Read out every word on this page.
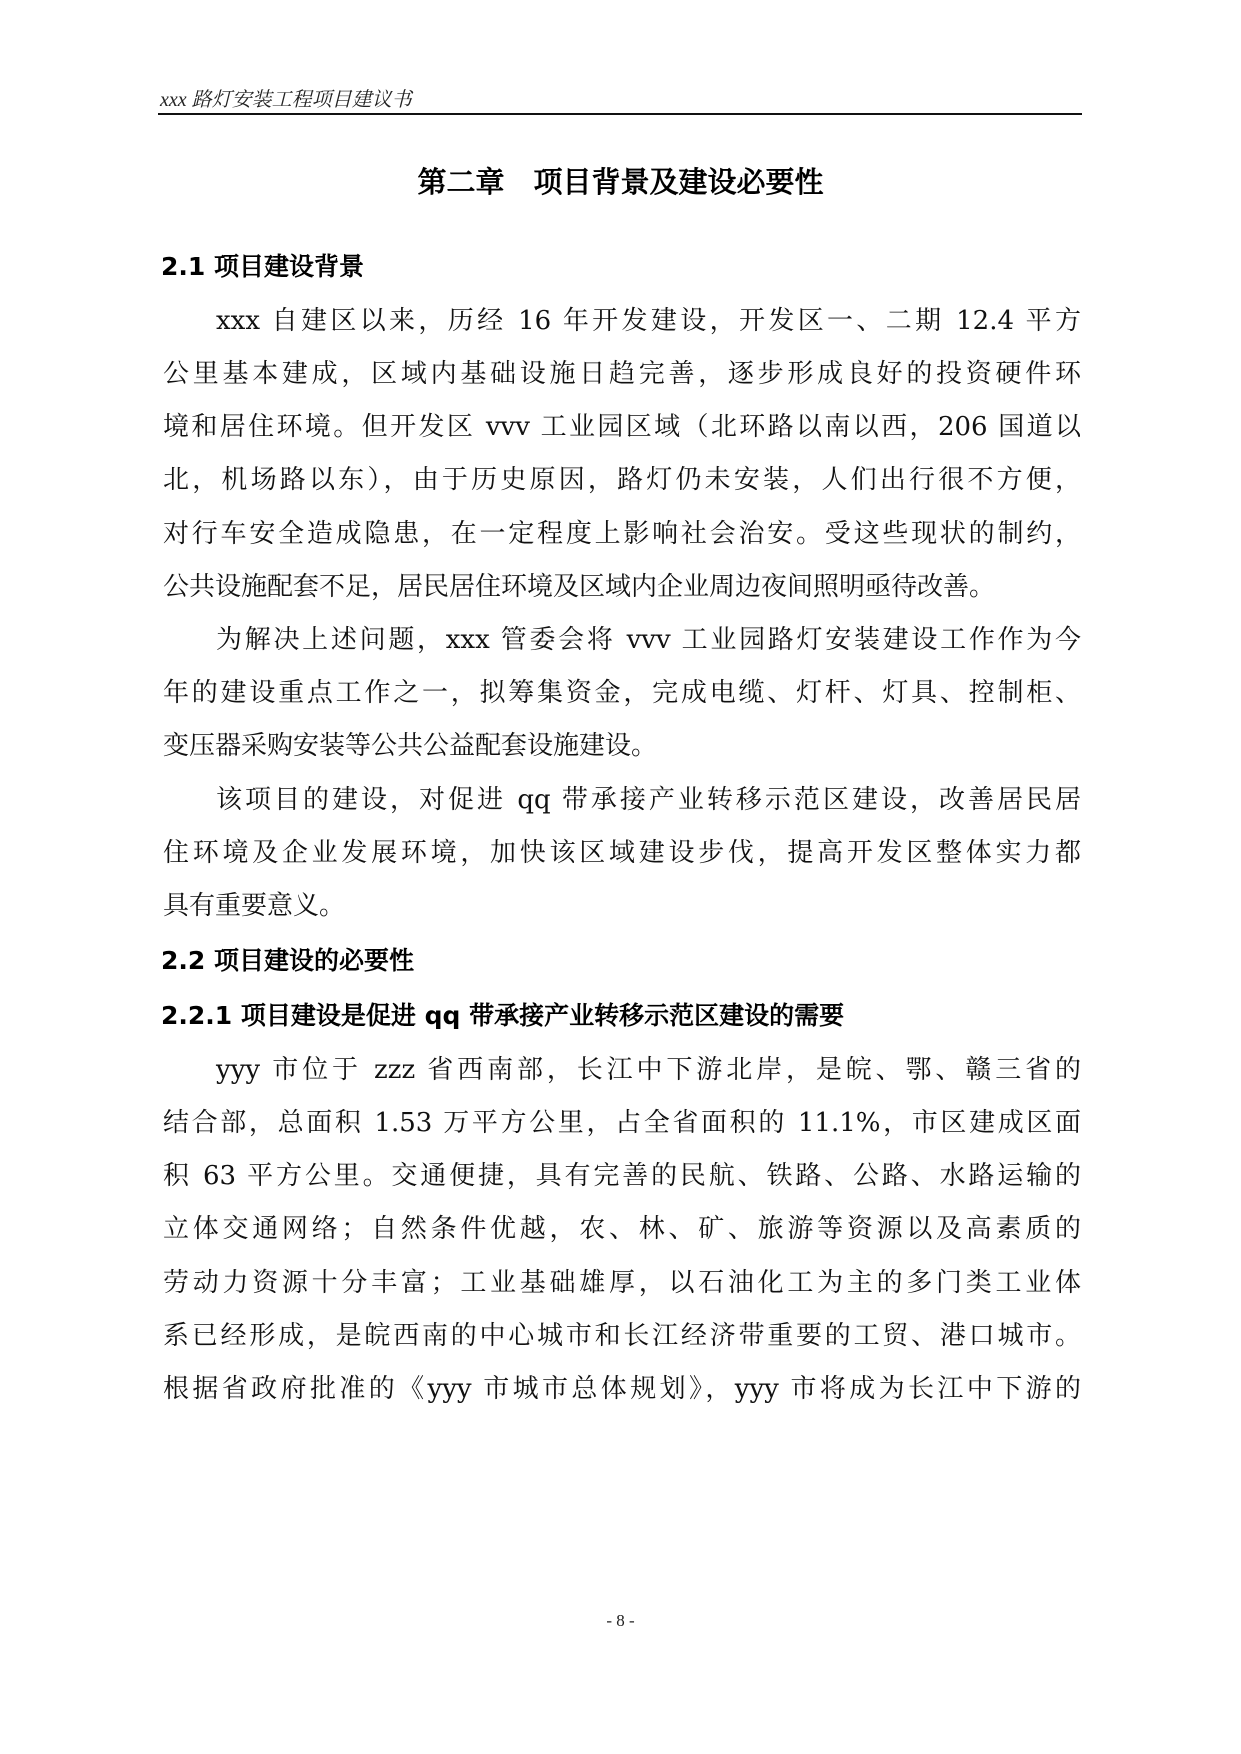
xxx 路灯安装工程项目建议书
第二章　项目背景及建设必要性
2.1 项目建设背景
xxx 自建区以来，历经 16 年开发建设，开发区一、二期 12.4 平方
公里基本建成，区域内基础设施日趋完善，逐步形成良好的投资硬件环
境和居住环境。但开发区 vvv 工业园区域（北环路以南以西，206 国道以
北，机场路以东），由于历史原因，路灯仍未安装，人们出行很不方便，
对行车安全造成隐患，在一定程度上影响社会治安。受这些现状的制约，
公共设施配套不足，居民居住环境及区域内企业周边夜间照明亟待改善。
为解决上述问题，xxx 管委会将 vvv 工业园路灯安装建设工作作为今
年的建设重点工作之一，拟筹集资金，完成电缆、灯杆、灯具、控制柜、
变压器采购安装等公共公益配套设施建设。
该项目的建设，对促进 qq 带承接产业转移示范区建设，改善居民居
住环境及企业发展环境，加快该区域建设步伐，提高开发区整体实力都
具有重要意义。
2.2 项目建设的必要性
2.2.1 项目建设是促进 qq 带承接产业转移示范区建设的需要
yyy 市位于 zzz 省西南部，长江中下游北岸，是皖、鄂、赣三省的
结合部，总面积 1.53 万平方公里，占全省面积的 11.1%，市区建成区面
积 63 平方公里。交通便捷，具有完善的民航、铁路、公路、水路运输的
立体交通网络；自然条件优越，农、林、矿、旅游等资源以及高素质的
劳动力资源十分丰富；工业基础雄厚，以石油化工为主的多门类工业体
系已经形成，是皖西南的中心城市和长江经济带重要的工贸、港口城市。
根据省政府批准的《yyy 市城市总体规划》，yyy 市将成为长江中下游的
- 8 -
